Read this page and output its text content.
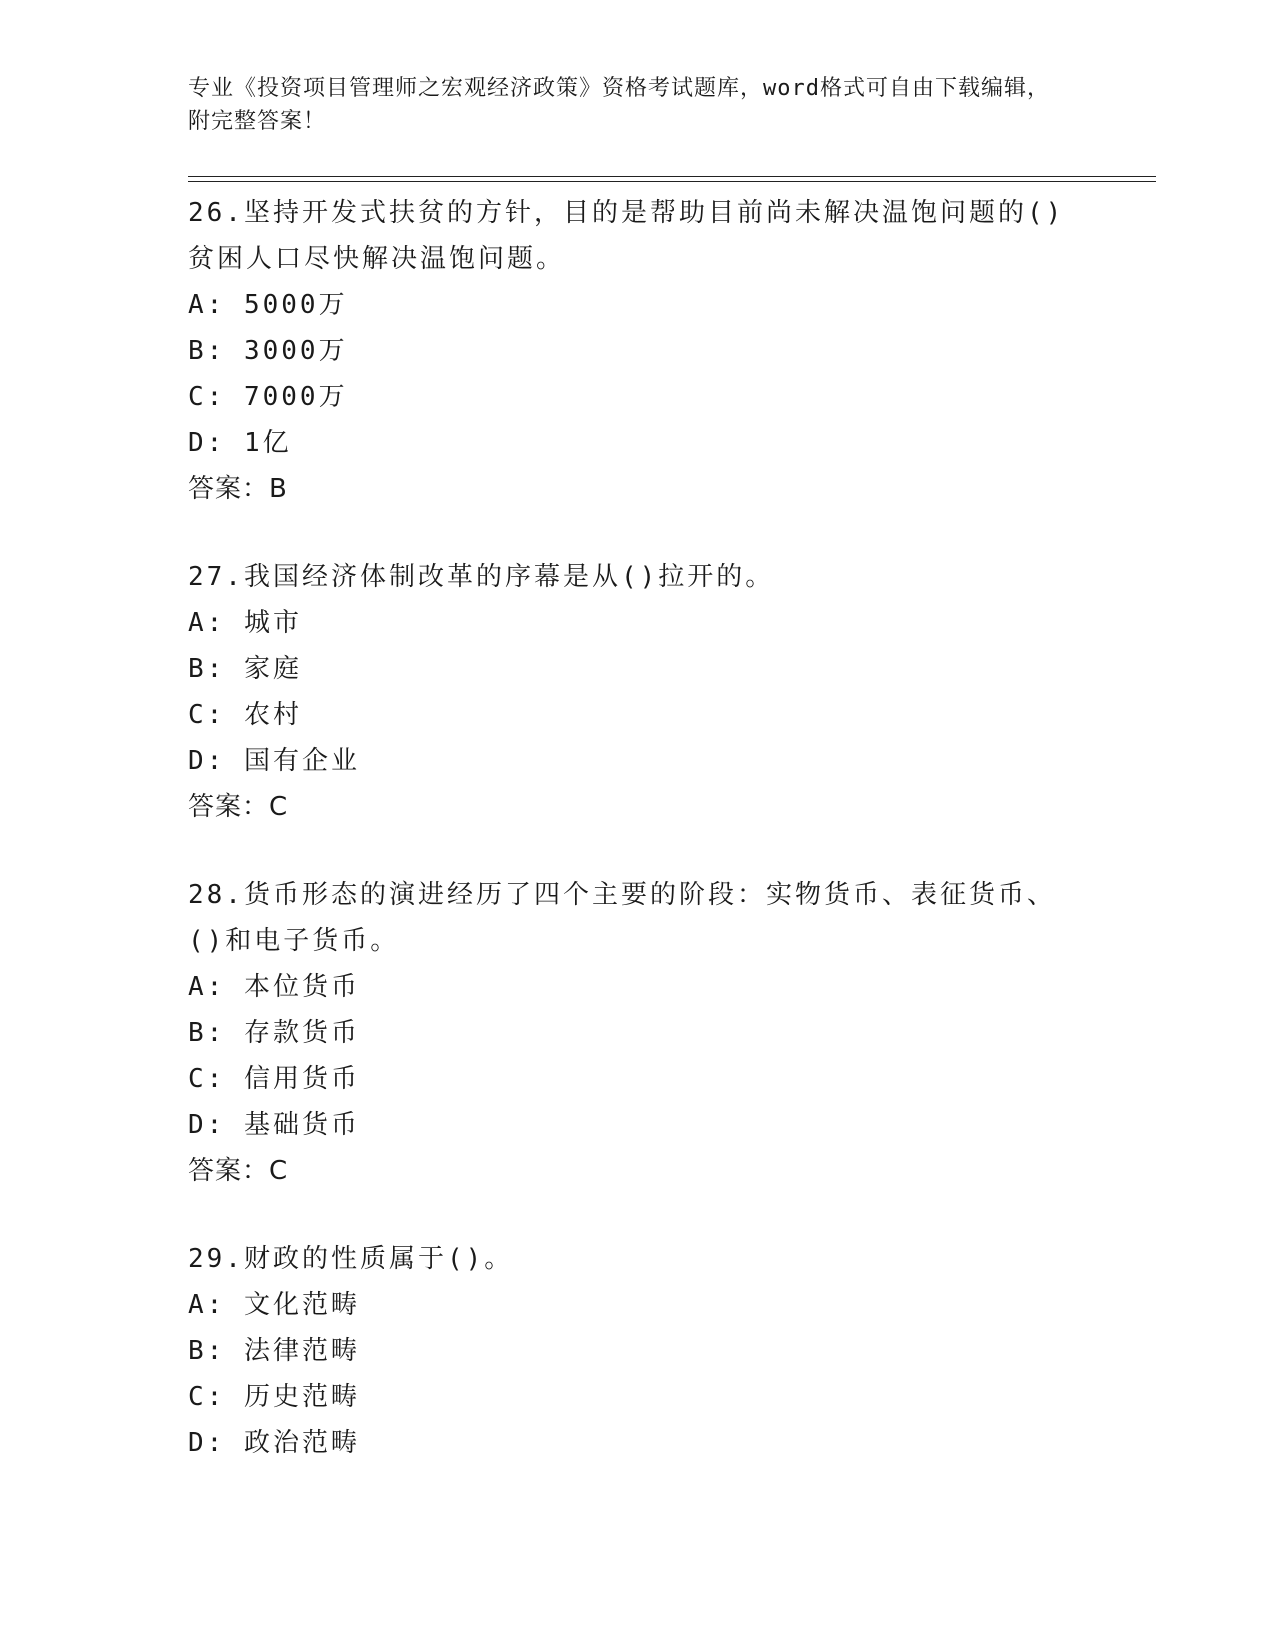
专业《投资项目管理师之宏观经济政策》资格考试题库，word格式可自由下载编辑，附完整答案！

26.坚持开发式扶贫的方针，目的是帮助目前尚未解决温饱问题的()贫困人口尽快解决温饱问题。

A: 5000万
B: 3000万
C: 7000万
D: 1亿
答案：B

27.我国经济体制改革的序幕是从()拉开的。

A: 城市
B: 家庭
C: 农村
D: 国有企业
答案：C

28.货币形态的演进经历了四个主要的阶段：实物货币、表征货币、()和电子货币。

A: 本位货币
B: 存款货币
C: 信用货币
D: 基础货币
答案：C

29.财政的性质属于()。

A: 文化范畴
B: 法律范畴
C: 历史范畴
D: 政治范畴
